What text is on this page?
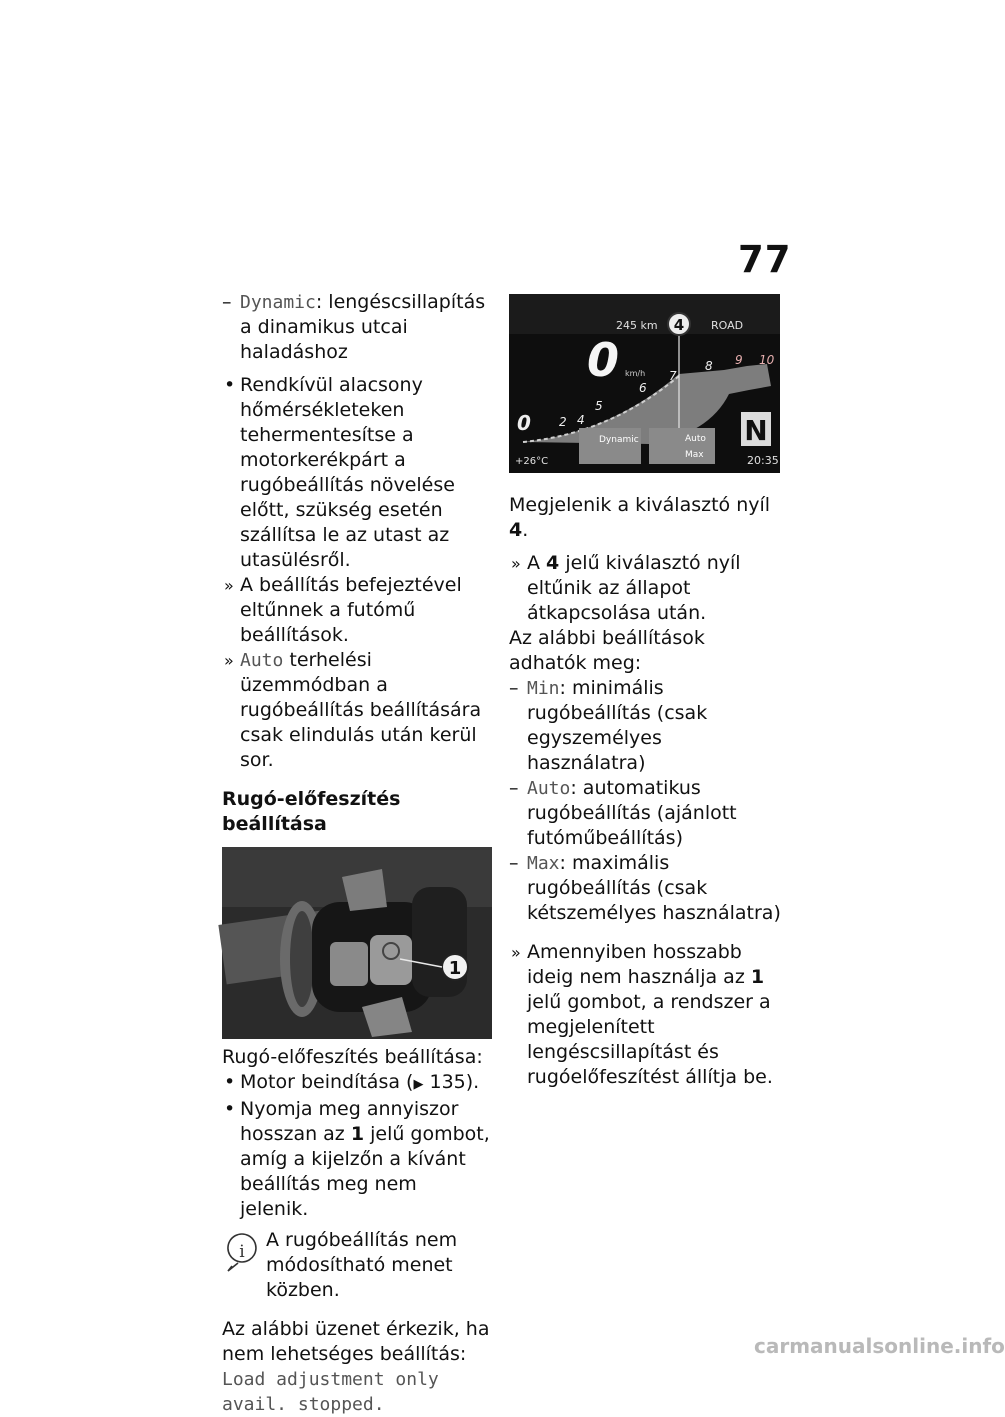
77
– Dynamic: lengéscsillapítás a dinamikus utcai haladáshoz
• Rendkívül alacsony hőmérsékleteken tehermentesítse a motorkerékpárt a rugóbeállítás növelése előtt, szükség esetén szállítsa le az utast az utasülésről.
» A beállítás befejeztével eltűnnek a futómű beállítások.
» Auto terhelési üzemmódban a rugóbeállítás beállítására csak elindulás után kerül sor.
Rugó-előfeszítés beállítása
1
Rugó-előfeszítés beállítása:
• Motor beindítása (▶ 135).
• Nyomja meg annyiszor hosszan az 1 jelű gombot, amíg a kijelzőn a kívánt beállítás meg nem jelenik.
i
A rugóbeállítás nem módosítható menet közben.
Az alábbi üzenet érkezik, ha nem lehetséges beállítás: Load adjustment only avail. stopped.
4
245 km	ROAD
0 km/h
0 2 4
5
6
7
8 9 10
N
Dynamic	Auto
Max
+26°C	20:35
Megjelenik a kiválasztó nyíl 4.
» A 4 jelű kiválasztó nyíl eltűnik az állapot átkapcsolása után.
Az alábbi beállítások adhatók meg:
– Min: minimális rugóbeállítás (csak egyszemélyes használatra)
– Auto: automatikus rugóbeállítás (ajánlott futóműbeállítás)
– Max: maximális rugóbeállítás (csak kétszemélyes használatra)
» Amennyiben hosszabb ideig nem használja az 1 jelű gombot, a rendszer a megjelenített lengéscsillapítást és rugóelőfeszítést állítja be.
carmanualsonline.info
